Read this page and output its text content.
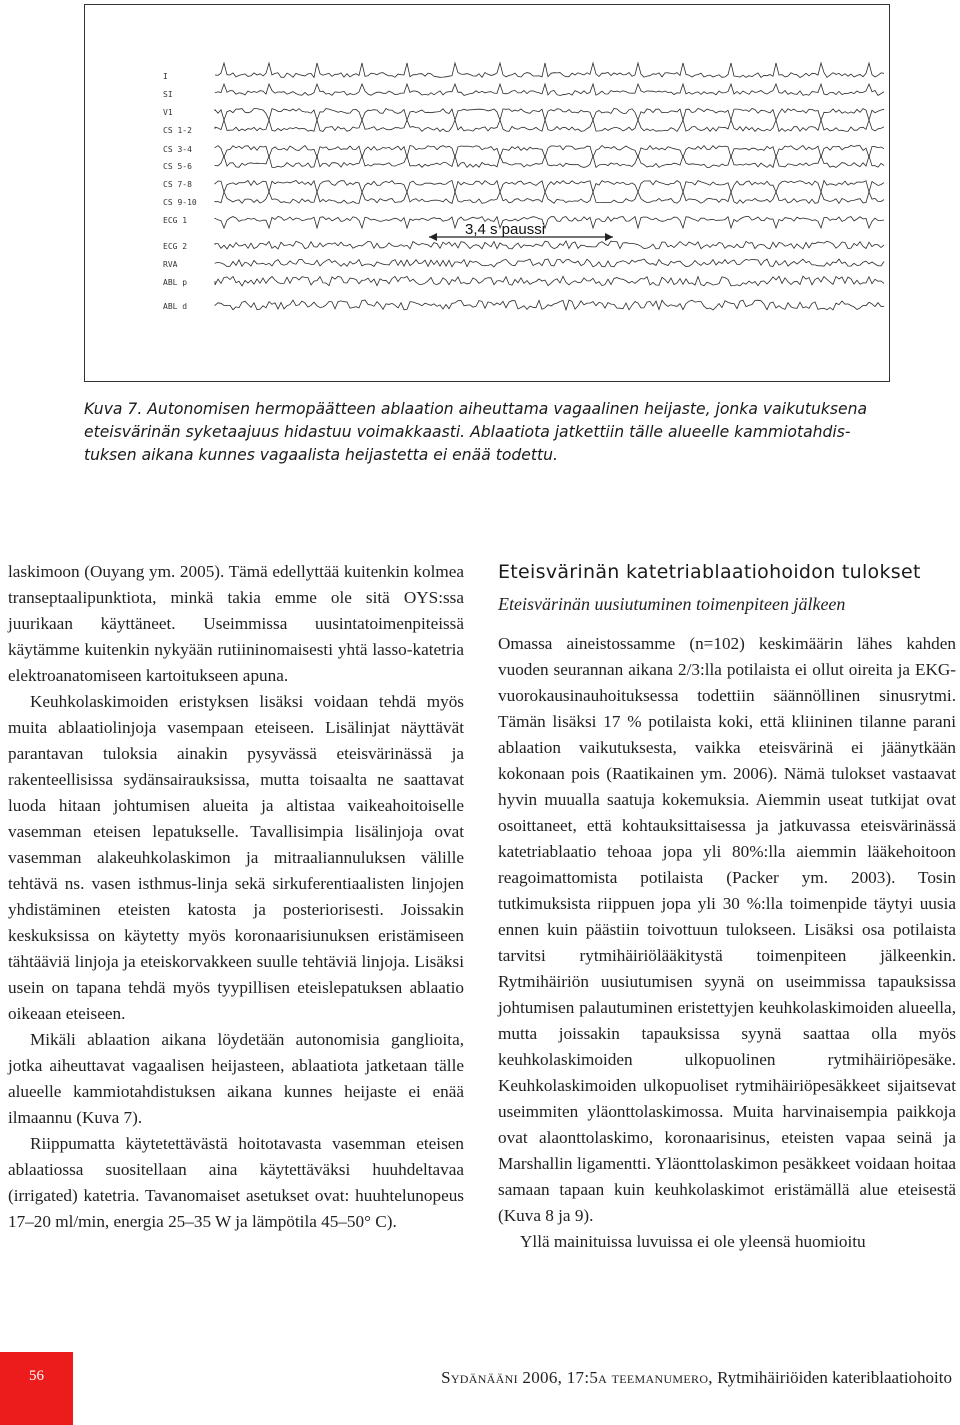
I
SI
V1
CS 1-2
CS 3-4
CS 5-6
CS 7-8
CS 9-10
ECG 1
ECG 2
RVA
ABL p
ABL d
3,4 s paussi

Kuva 7. Autonomisen hermopäätteen ablaation aiheuttama vagaalinen heijaste, jonka vaikutuksena

eteisvärinän syketaajuus hidastuu voimakkaasti. Ablaatiota jatkettiin tälle alueelle kammiotahdis-

tuksen aikana kunnes vagaalista heijastetta ei enää todettu.

laskimoon (Ouyang ym. 2005). Tämä edellyttää kuitenkin kolmea transeptaalipunktiota, minkä takia emme ole sitä OYS:ssa juurikaan käyttäneet. Useimmissa uusintatoimenpiteissä käytämme kuitenkin nykyään rutiininomaisesti yhtä lasso-katetria elektroanatomiseen kartoitukseen apuna.

Keuhkolaskimoiden eristyksen lisäksi voidaan tehdä myös muita ablaatiolinjoja vasempaan eteiseen. Lisälinjat näyttävät parantavan tuloksia ainakin pysyvässä eteisvärinässä ja rakenteellisissa sydänsairauksissa, mutta toisaalta ne saattavat luoda hitaan johtumisen alueita ja altistaa vaikeahoitoiselle vasemman eteisen lepatukselle. Tavallisimpia lisälinjoja ovat vasemman alakeuhkolaskimon ja mitraaliannuluksen välille tehtävä ns. vasen isthmus-linja sekä sirkuferentiaalisten linjojen yhdistäminen eteisten katosta ja posteriorisesti. Joissakin keskuksissa on käytetty myös koronaarisiunuksen eristämiseen tähtääviä linjoja ja eteiskorvakkeen suulle tehtäviä linjoja. Lisäksi usein on tapana tehdä myös tyypillisen eteislepatuksen ablaatio oikeaan eteiseen.

Mikäli ablaation aikana löydetään autonomisia ganglioita, jotka aiheuttavat vagaalisen heijasteen, ablaatiota jatketaan tälle alueelle kammiotahdistuksen aikana kunnes heijaste ei enää ilmaannu (Kuva 7).

Riippumatta käytetettävästä hoitotavasta vasemman eteisen ablaatiossa suositellaan aina käytettäväksi huuhdeltavaa (irrigated) katetria. Tavanomaiset asetukset ovat: huuhtelunopeus 17–20 ml/min, energia 25–35 W ja lämpötila 45–50° C).

Eteisvärinän katetriablaatiohoidon tulokset
Eteisvärinän uusiutuminen toimenpiteen jälkeen

Omassa aineistossamme (n=102) keskimäärin lähes kahden vuoden seurannan aikana 2/3:lla potilaista ei ollut oireita ja EKG-vuorokausinauhoituksessa todettiin säännöllinen sinusrytmi. Tämän lisäksi 17 % potilaista koki, että kliininen tilanne parani ablaation vaikutuksesta, vaikka eteisvärinä ei jäänytkään kokonaan pois (Raatikainen ym. 2006). Nämä tulokset vastaavat hyvin muualla saatuja kokemuksia. Aiemmin useat tutkijat ovat osoittaneet, että kohtauksittaisessa ja jatkuvassa eteisvärinässä katetriablaatio tehoaa jopa yli 80%:lla aiemmin lääkehoitoon reagoimattomista potilaista (Packer ym. 2003). Tosin tutkimuksista riippuen jopa yli 30 %:lla toimenpide täytyi uusia ennen kuin päästiin toivottuun tulokseen. Lisäksi osa potilaista tarvitsi rytmihäiriölääkitystä toimenpiteen jälkeenkin. Rytmihäiriön uusiutumisen syynä on useimmissa tapauksissa johtumisen palautuminen eristettyjen keuhkolaskimoiden alueella, mutta joissakin tapauksissa syynä saattaa olla myös keuhkolaskimoiden ulkopuolinen rytmihäiriöpesäke. Keuhkolaskimoiden ulkopuoliset rytmihäiriöpesäkkeet sijaitsevat useimmiten yläonttolaskimossa. Muita harvinaisempia paikkoja ovat alaonttolaskimo, koronaarisinus, eteisten vapaa seinä ja Marshallin ligamentti. Yläonttolaskimon pesäkkeet voidaan hoitaa samaan tapaan kuin keuhkolaskimot eristämällä alue eteisestä (Kuva 8 ja 9).

Yllä mainituissa luvuissa ei ole yleensä huomioitu

56	Sydänääni 2006, 17:5a teemanumero, Rytmihäiriöiden kateriblaatiohoito
